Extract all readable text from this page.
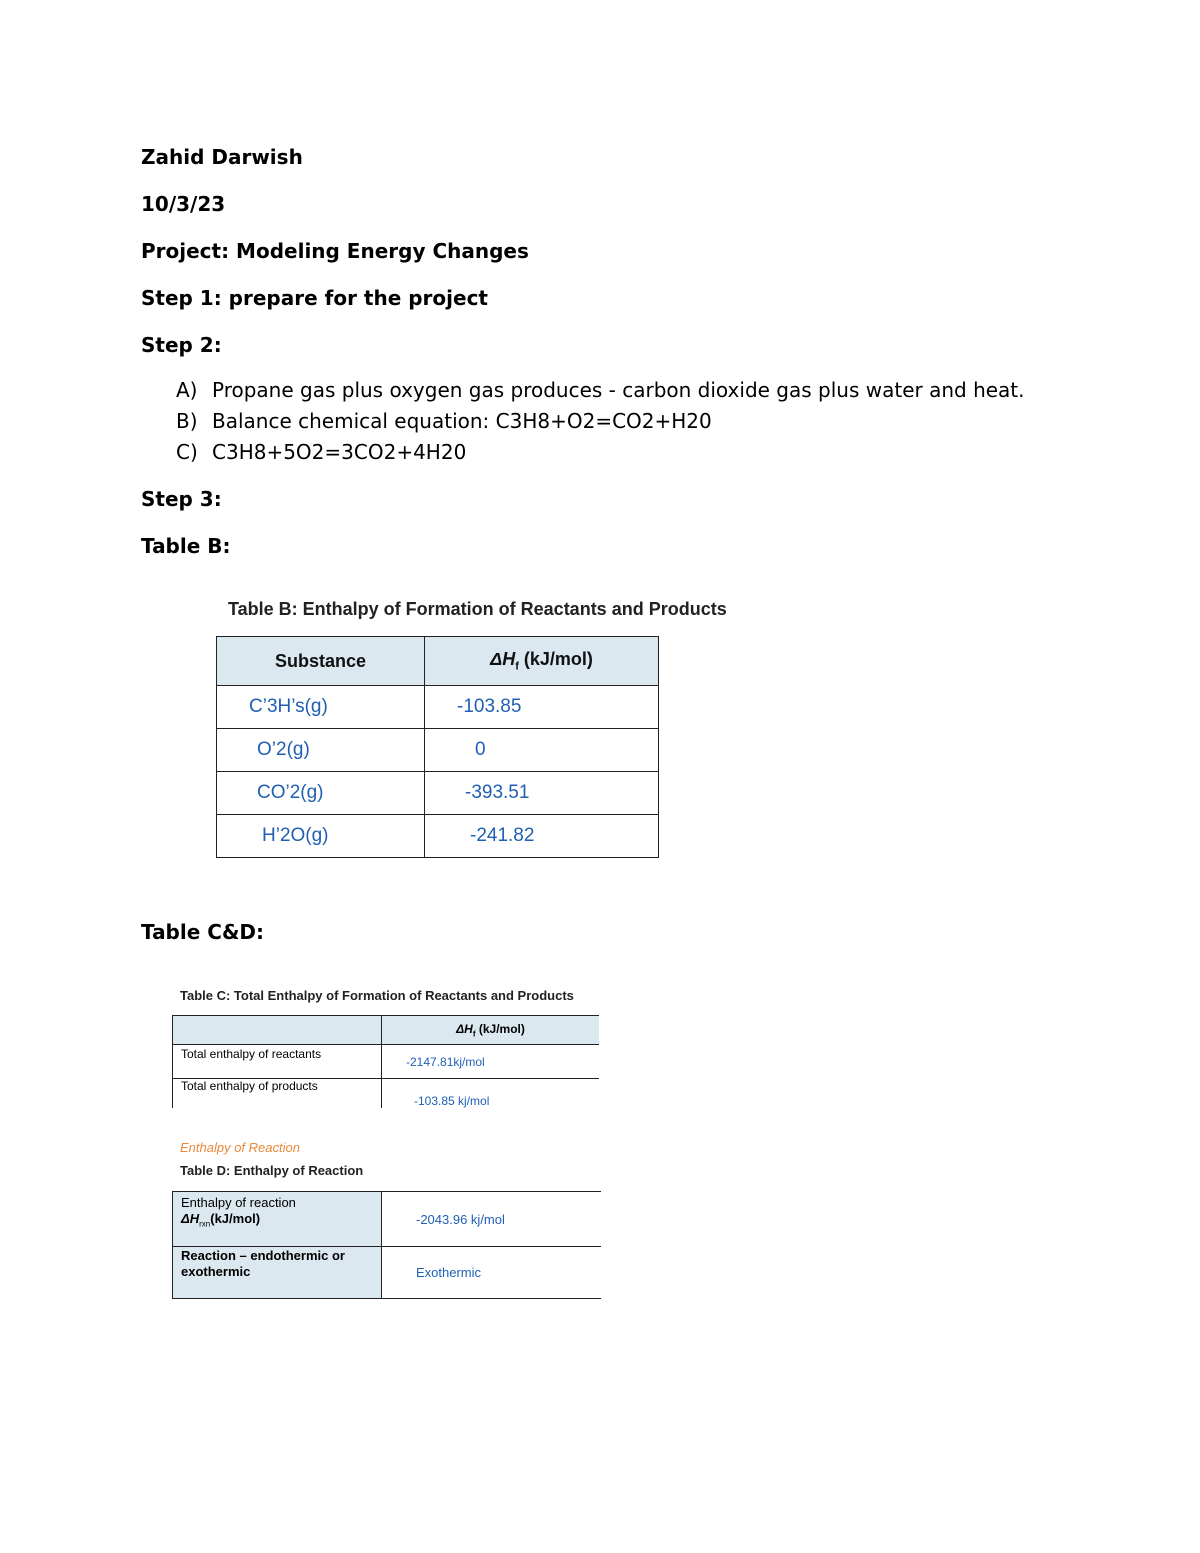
Zahid Darwish
10/3/23
Project: Modeling Energy Changes
Step 1: prepare for the project
Step 2:
A) Propane gas plus oxygen gas produces - carbon dioxide gas plus water and heat.
B) Balance chemical equation: C3H8+O2=CO2+H20
C) C3H8+5O2=3CO2+4H20
Step 3:
Table B:
Table B: Enthalpy of Formation of Reactants and Products
Substance	$\Delta H_f$ (kJ/mol)
C’3H’s(g)	-103.85
O’2(g)	0
CO’2(g)	-393.51
H’2O(g)	-241.82
Table C&D:
Table C: Total Enthalpy of Formation of Reactants and Products
	$\Delta H_f$ (kJ/mol)
Total enthalpy of reactants	-2147.81kj/mol
Total enthalpy of products	-103.85 kj/mol
Enthalpy of Reaction
Table D: Enthalpy of Reaction
Enthalpy of reaction
$\Delta H_{rxn}(kJ/mol)$	-2043.96 kj/mol

Reaction – endothermic or
exothermic	Exothermic
